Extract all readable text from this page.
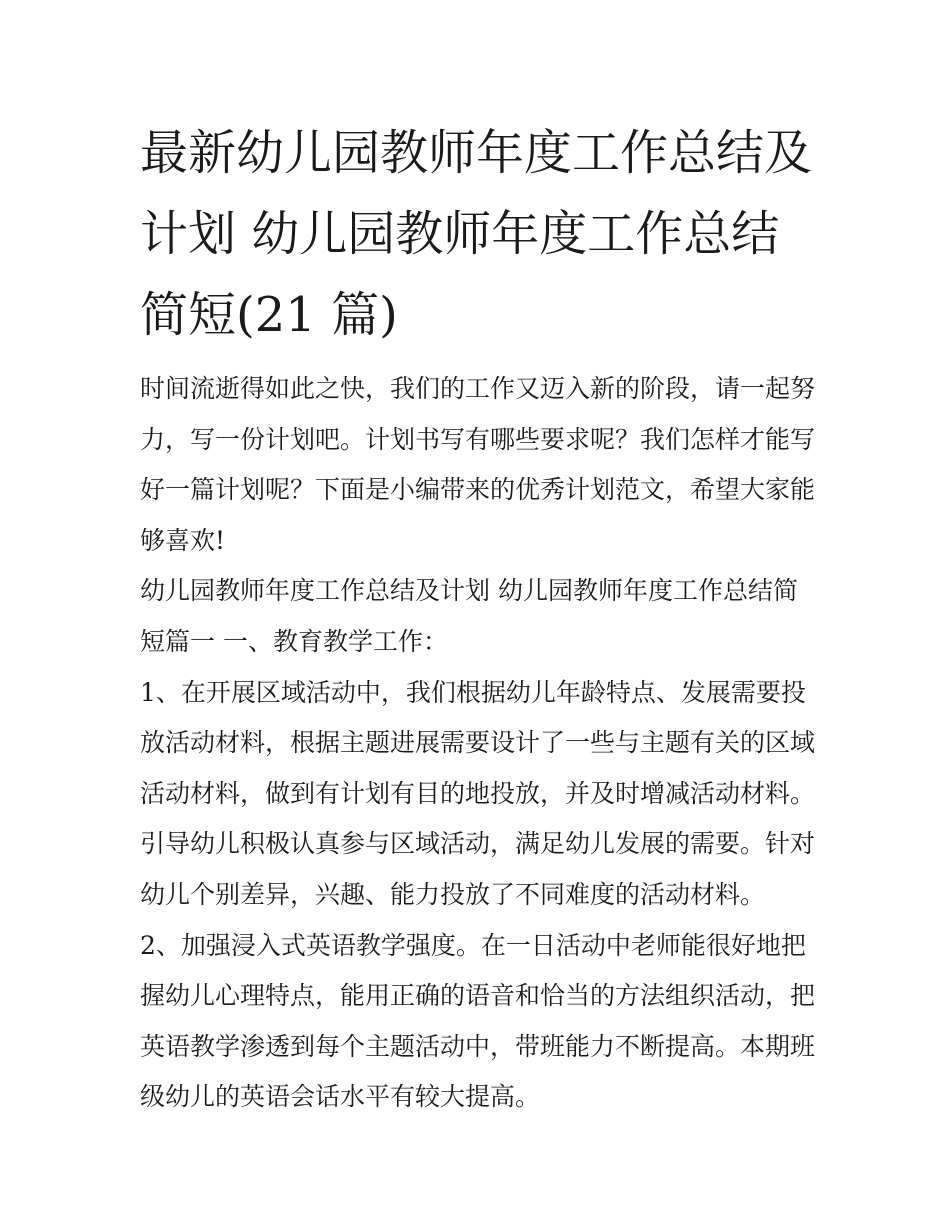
最新幼儿园教师年度工作总结及计划 幼儿园教师年度工作总结简短(21 篇)

时间流逝得如此之快，我们的工作又迈入新的阶段，请一起努力，写一份计划吧。计划书写有哪些要求呢？我们怎样才能写好一篇计划呢？下面是小编带来的优秀计划范文，希望大家能够喜欢!

幼儿园教师年度工作总结及计划 幼儿园教师年度工作总结简短篇一 一、教育教学工作：

1、在开展区域活动中，我们根据幼儿年龄特点、发展需要投放活动材料，根据主题进展需要设计了一些与主题有关的区域活动材料，做到有计划有目的地投放，并及时增减活动材料。引导幼儿积极认真参与区域活动，满足幼儿发展的需要。针对幼儿个别差异，兴趣、能力投放了不同难度的活动材料。

2、加强浸入式英语教学强度。在一日活动中老师能很好地把握幼儿心理特点，能用正确的语音和恰当的方法组织活动，把英语教学渗透到每个主题活动中，带班能力不断提高。本期班级幼儿的英语会话水平有较大提高。
